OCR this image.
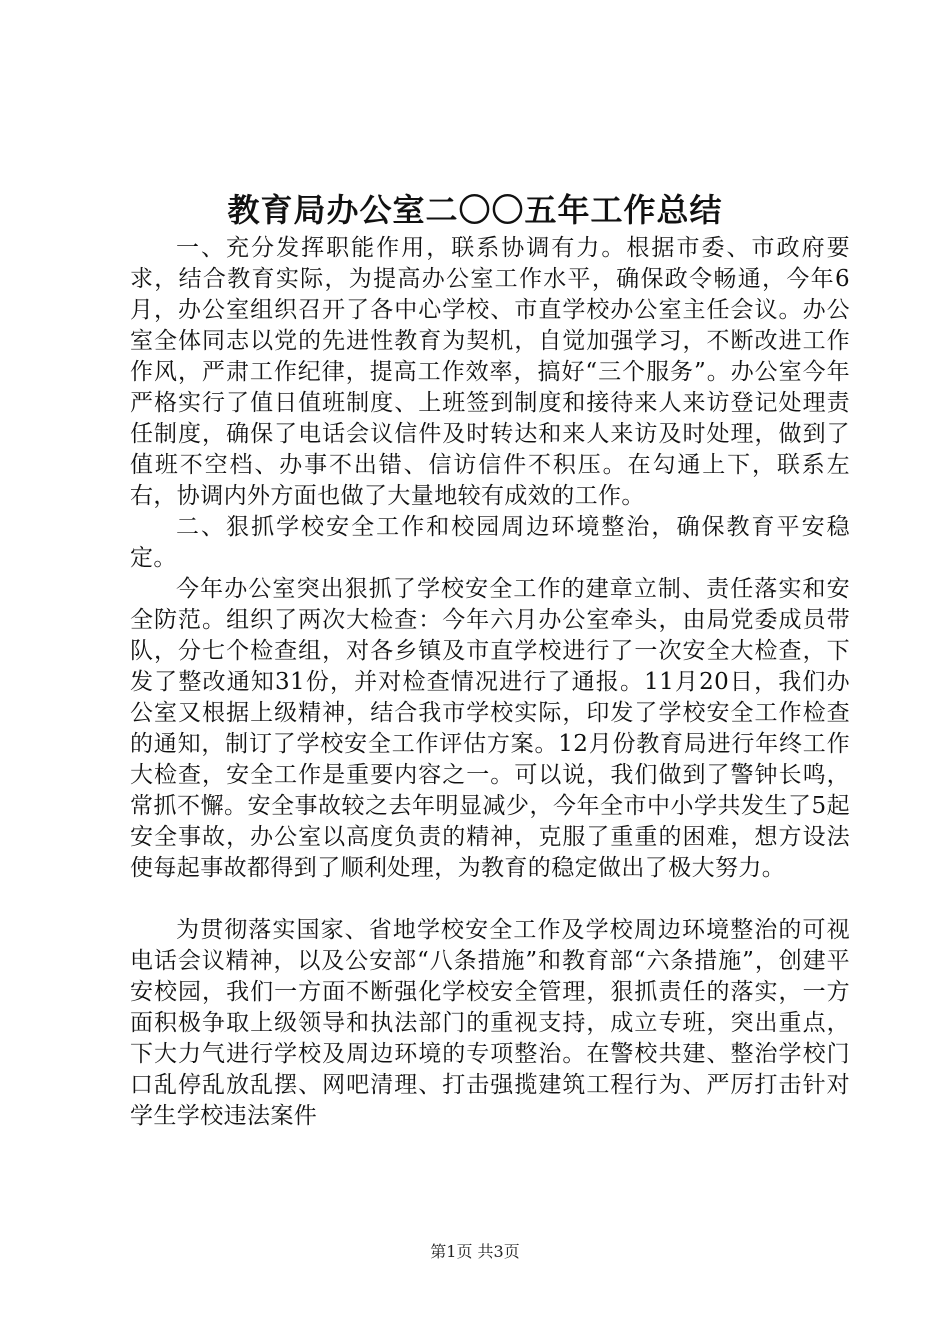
教育局办公室二〇〇五年工作总结

一、充分发挥职能作用，联系协调有力。根据市委、市政府要求，结合教育实际，为提高办公室工作水平，确保政令畅通，今年6月，办公室组织召开了各中心学校、市直学校办公室主任会议。办公室全体同志以党的先进性教育为契机，自觉加强学习，不断改进工作作风，严肃工作纪律，提高工作效率，搞好“三个服务”。办公室今年严格实行了值日值班制度、上班签到制度和接待来人来访登记处理责任制度，确保了电话会议信件及时转达和来人来访及时处理，做到了值班不空档、办事不出错、信访信件不积压。在勾通上下，联系左右，协调内外方面也做了大量地较有成效的工作。

二、狠抓学校安全工作和校园周边环境整治，确保教育平安稳定。

今年办公室突出狠抓了学校安全工作的建章立制、责任落实和安全防范。组织了两次大检查：今年六月办公室牵头，由局党委成员带队，分七个检查组，对各乡镇及市直学校进行了一次安全大检查，下发了整改通知31份，并对检查情况进行了通报。11月20日，我们办公室又根据上级精神，结合我市学校实际，印发了学校安全工作检查的通知，制订了学校安全工作评估方案。12月份教育局进行年终工作大检查，安全工作是重要内容之一。可以说，我们做到了警钟长鸣，常抓不懈。安全事故较之去年明显减少，今年全市中小学共发生了5起安全事故，办公室以高度负责的精神，克服了重重的困难，想方设法使每起事故都得到了顺利处理，为教育的稳定做出了极大努力。

为贯彻落实国家、省地学校安全工作及学校周边环境整治的可视电话会议精神，以及公安部“八条措施”和教育部“六条措施”，创建平安校园，我们一方面不断强化学校安全管理，狠抓责任的落实，一方面积极争取上级领导和执法部门的重视支持，成立专班，突出重点，下大力气进行学校及周边环境的专项整治。在警校共建、整治学校门口乱停乱放乱摆、网吧清理、打击强揽建筑工程行为、严厉打击针对学生学校违法案件

第1页 共3页
